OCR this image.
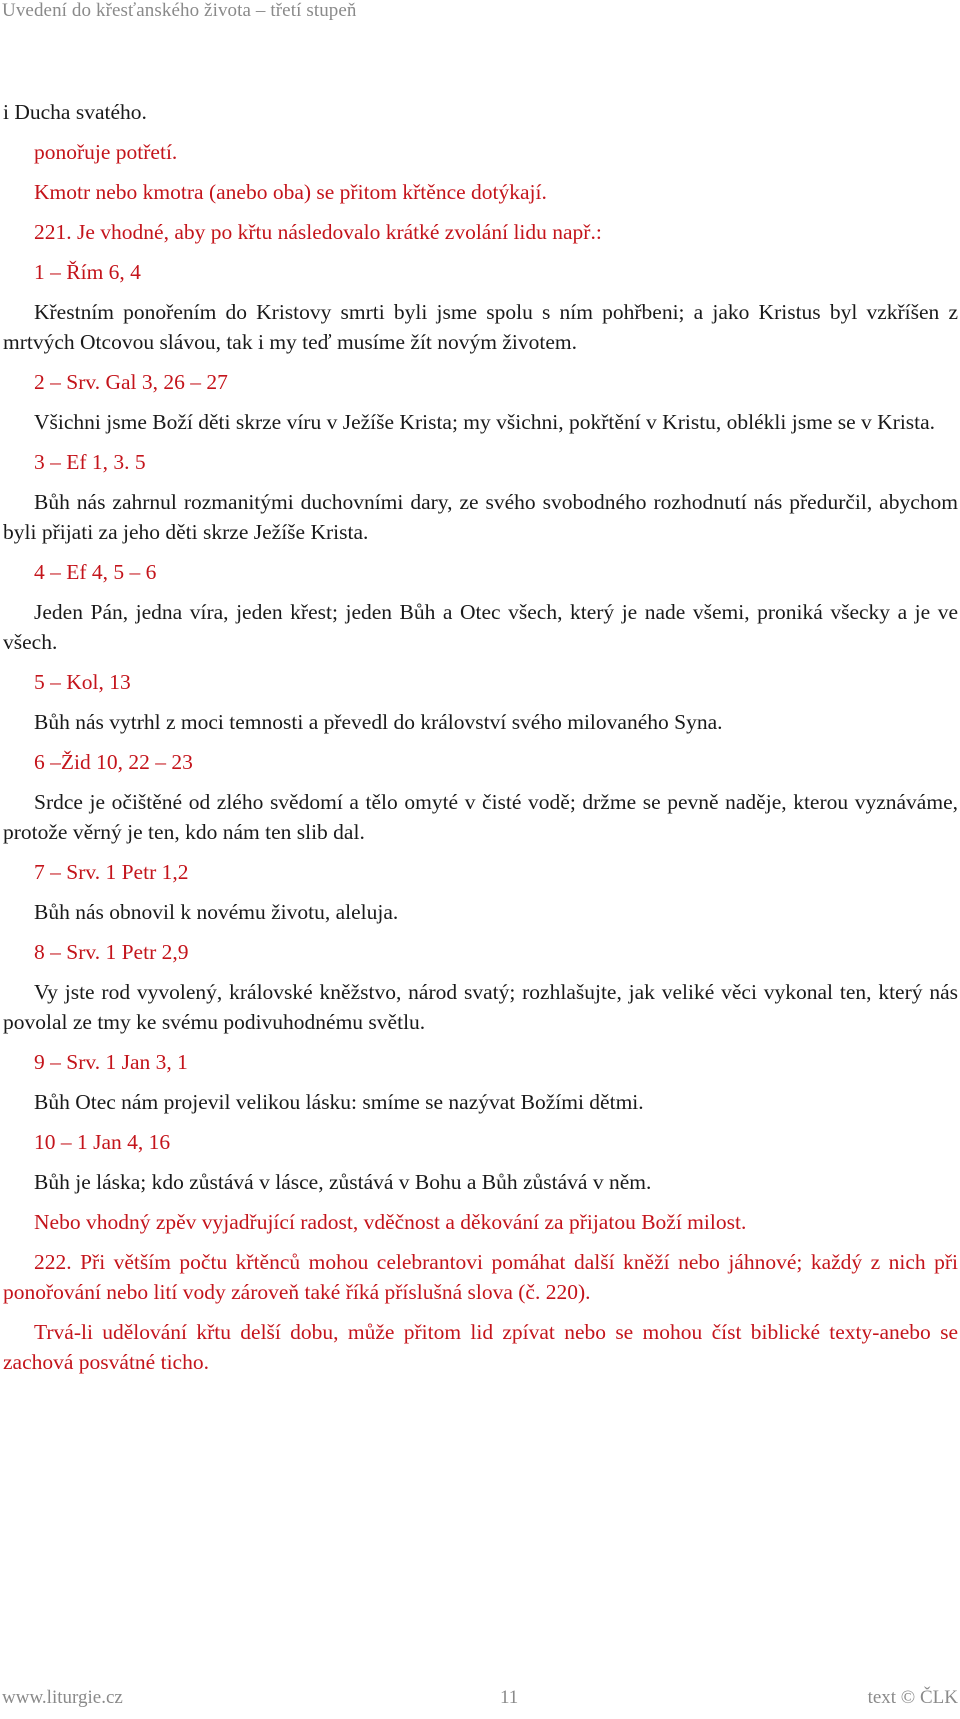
Uvedení do křesťanského života – třetí stupeň

i Ducha svatého.

ponořuje potřetí.

Kmotr nebo kmotra (anebo oba) se přitom křtěnce dotýkají.

221. Je vhodné, aby po křtu následovalo krátké zvolání lidu např.:

1 – Řím 6, 4

Křestním ponořením do Kristovy smrti byli jsme spolu s ním pohřbeni; a jako Kristus byl vzkříšen z mrtvých Otcovou slávou, tak i my teď musíme žít novým životem.

2 – Srv. Gal 3, 26 – 27

Všichni jsme Boží děti skrze víru v Ježíše Krista; my všichni, pokřtění v Kristu, oblékli jsme se v Krista.

3 – Ef 1, 3. 5

Bůh nás zahrnul rozmanitými duchovními dary, ze svého svobodného rozhodnutí nás předurčil, abychom byli přijati za jeho děti skrze Ježíše Krista.

4 – Ef 4, 5 – 6

Jeden Pán, jedna víra, jeden křest; jeden Bůh a Otec všech, který je nade všemi, proniká všecky a je ve všech.

5 – Kol, 13

Bůh nás vytrhl z moci temnosti a převedl do království svého milovaného Syna.

6 –Žid 10, 22 – 23

Srdce je očištěné od zlého svědomí a tělo omyté v čisté vodě; držme se pevně naděje, kterou vyznáváme, protože věrný je ten, kdo nám ten slib dal.

7 – Srv. 1 Petr 1,2

Bůh nás obnovil k novému životu, aleluja.

8 – Srv. 1 Petr 2,9

Vy jste rod vyvolený, královské kněžstvo, národ svatý; rozhlašujte, jak veliké věci vykonal ten, který nás povolal ze tmy ke svému podivuhodnému světlu.

9 – Srv. 1 Jan 3, 1

Bůh Otec nám projevil velikou lásku: smíme se nazývat Božími dětmi.

10 – 1 Jan 4, 16

Bůh je láska; kdo zůstává v lásce, zůstává v Bohu a Bůh zůstává v něm.

Nebo vhodný zpěv vyjadřující radost, vděčnost a děkování za přijatou Boží milost.

222. Při větším počtu křtěnců mohou celebrantovi pomáhat další kněží nebo jáhnové; každý z nich při ponořování nebo lití vody zároveň také říká příslušná slova (č. 220).

Trvá-li udělování křtu delší dobu, může přitom lid zpívat nebo se mohou číst biblické texty-anebo se zachová posvátné ticho.

www.liturgie.cz	11	text © ČLK
